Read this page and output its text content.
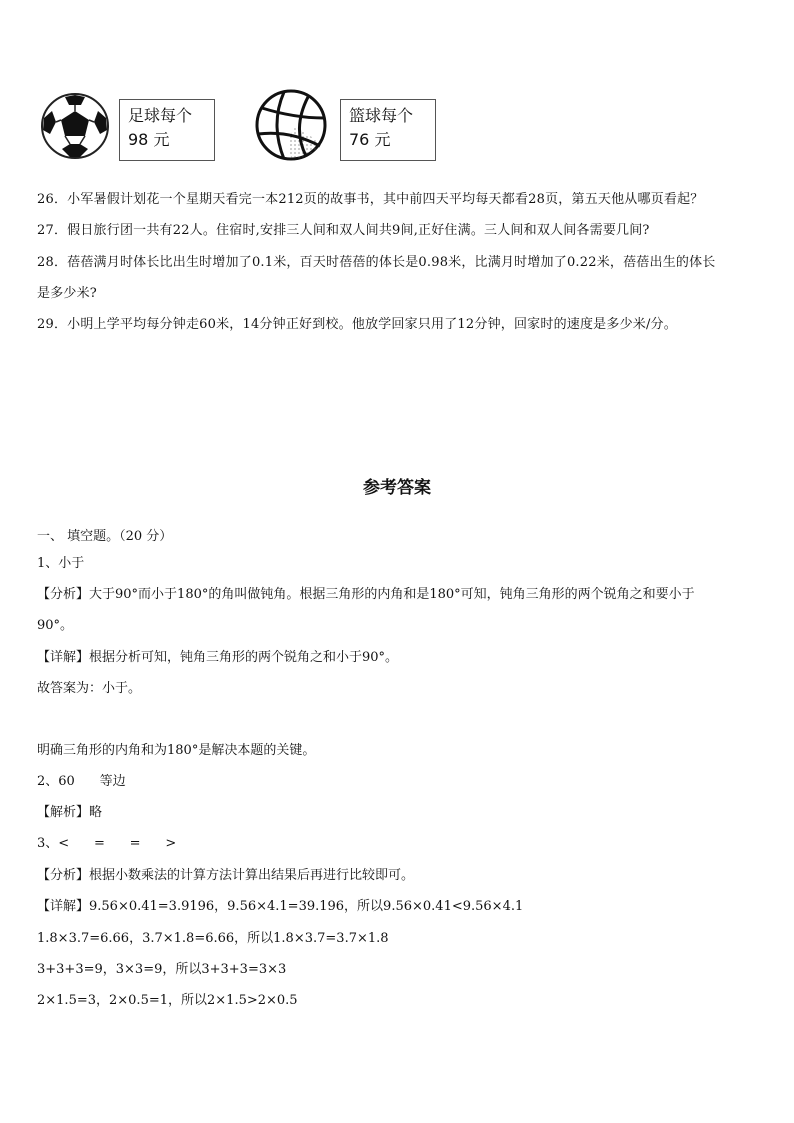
足球每个
98 元
篮球每个
76 元
26．小军暑假计划花一个星期天看完一本212页的故事书，其中前四天平均每天都看28页，第五天他从哪页看起？
27．假日旅行团一共有22人。住宿时,安排三人间和双人间共9间,正好住满。三人间和双人间各需要几间?
28．蓓蓓满月时体长比出生时增加了0.1米，百天时蓓蓓的体长是0.98米，比满月时增加了0.22米，蓓蓓出生的体长
是多少米?
29．小明上学平均每分钟走60米，14分钟正好到校。他放学回家只用了12分钟，回家时的速度是多少米/分。
参考答案
一、 填空题。（20 分）
1、小于
【分析】大于90°而小于180°的角叫做钝角。根据三角形的内角和是180°可知，钝角三角形的两个锐角之和要小于
90°。
【详解】根据分析可知，钝角三角形的两个锐角之和小于90°。
故答案为：小于。
明确三角形的内角和为180°是解决本题的关键。
2、60      等边
【解析】略
3、<      =      =      >
【分析】根据小数乘法的计算方法计算出结果后再进行比较即可。
【详解】9.56×0.41=3.9196，9.56×4.1=39.196，所以9.56×0.41<9.56×4.1
1.8×3.7=6.66，3.7×1.8=6.66，所以1.8×3.7=3.7×1.8
3+3+3=9，3×3=9，所以3+3+3=3×3
2×1.5=3，2×0.5=1，所以2×1.5>2×0.5
